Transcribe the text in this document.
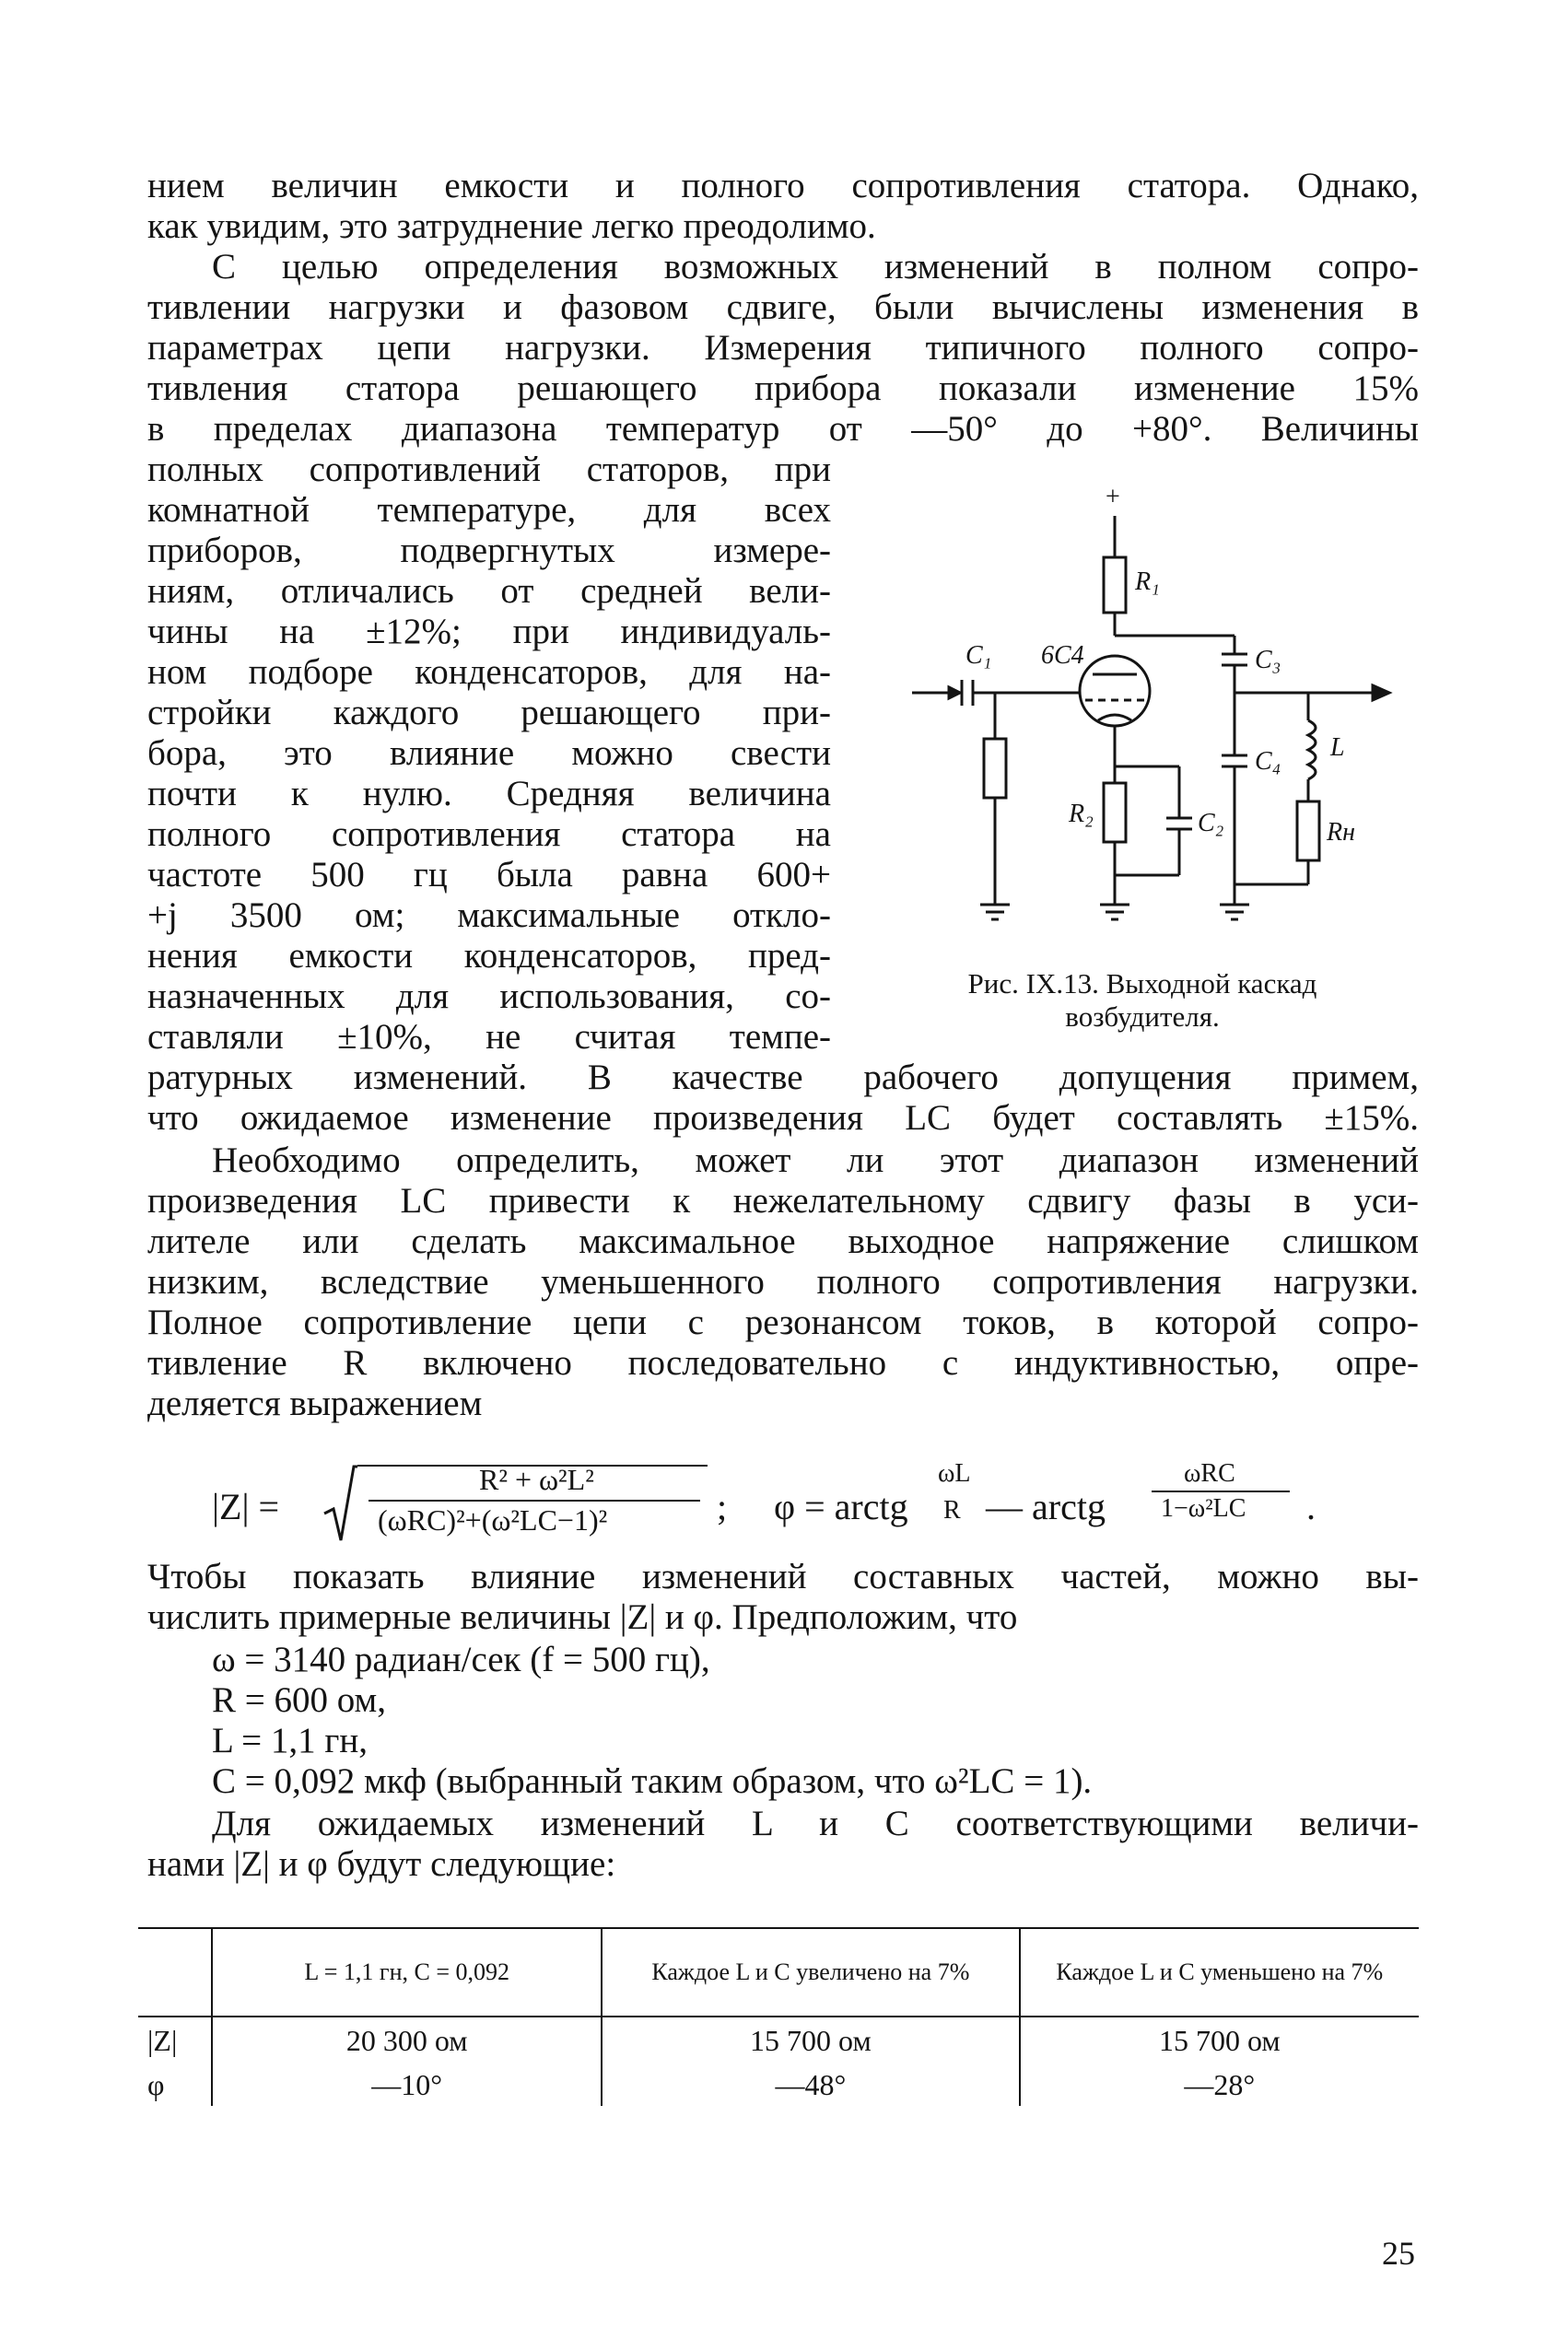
нием величин емкости и полного сопротивления статора. Однако,
как увидим, это затруднение легко преодолимо.
С целью определения возможных изменений в полном сопро-
тивлении нагрузки и фазовом сдвиге, были вычислены изменения в
параметрах цепи нагрузки. Измерения типичного полного сопро-
тивления статора решающего прибора показали изменение 15%
в пределах диапазона температур от —50° до +80°. Величины
полных сопротивлений статоров, при
комнатной температуре, для всех
приборов, подвергнутых измере-
ниям, отличались от средней вели-
чины на ±12%; при индивидуаль-
ном подборе конденсаторов, для на-
стройки каждого решающего при-
бора, это влияние можно свести
почти к нулю. Средняя величина
полного сопротивления статора на
частоте 500 гц была равна 600+
+j 3500 ом; максимальные откло-
нения емкости конденсаторов, пред-
назначенных для использования, со-
ставляли ±10%, не считая темпе-
ратурных изменений. В качестве рабочего допущения примем,
что ожидаемое изменение произведения LC будет составлять ±15%.
Необходимо определить, может ли этот диапазон изменений
произведения LC привести к нежелательному сдвигу фазы в уси-
лителе или сделать максимальное выходное напряжение слишком
низким, вследствие уменьшенного полного сопротивления нагрузки.
Полное сопротивление цепи с резонансом токов, в которой сопро-
тивление R включено последовательно с индуктивностью, опре-
деляется выражением
+
R₁
C₁ 6С4	C₃
C₄ L
R₂	C₂	Rн
Рис. IX.13. Выходной каскад
возбудителя.
|Z| =
R² + ω²L²
(ωRC)²+(ω²LC−1)²	; φ = arctg
ωL
R — arctg
ωRC
1−ω²LC .
Чтобы показать влияние изменений составных частей, можно вы-
числить примерные величины |Z| и φ. Предположим, что
ω = 3140 радиан/сек (f = 500 гц),
R = 600 ом,
L = 1,1 гн,
C = 0,092 мкф (выбранный таким образом, что ω²LC = 1).
Для ожидаемых изменений L и C соответствующими величи-
нами |Z| и φ будут следующие:
	L = 1,1 гн, C = 0,092	Каждое L и C увеличено на 7%	Каждое L и C уменьшено на 7%
|Z|	20 300 ом	15 700 ом	15 700 ом
φ	—10°	—48°	—28°
25
